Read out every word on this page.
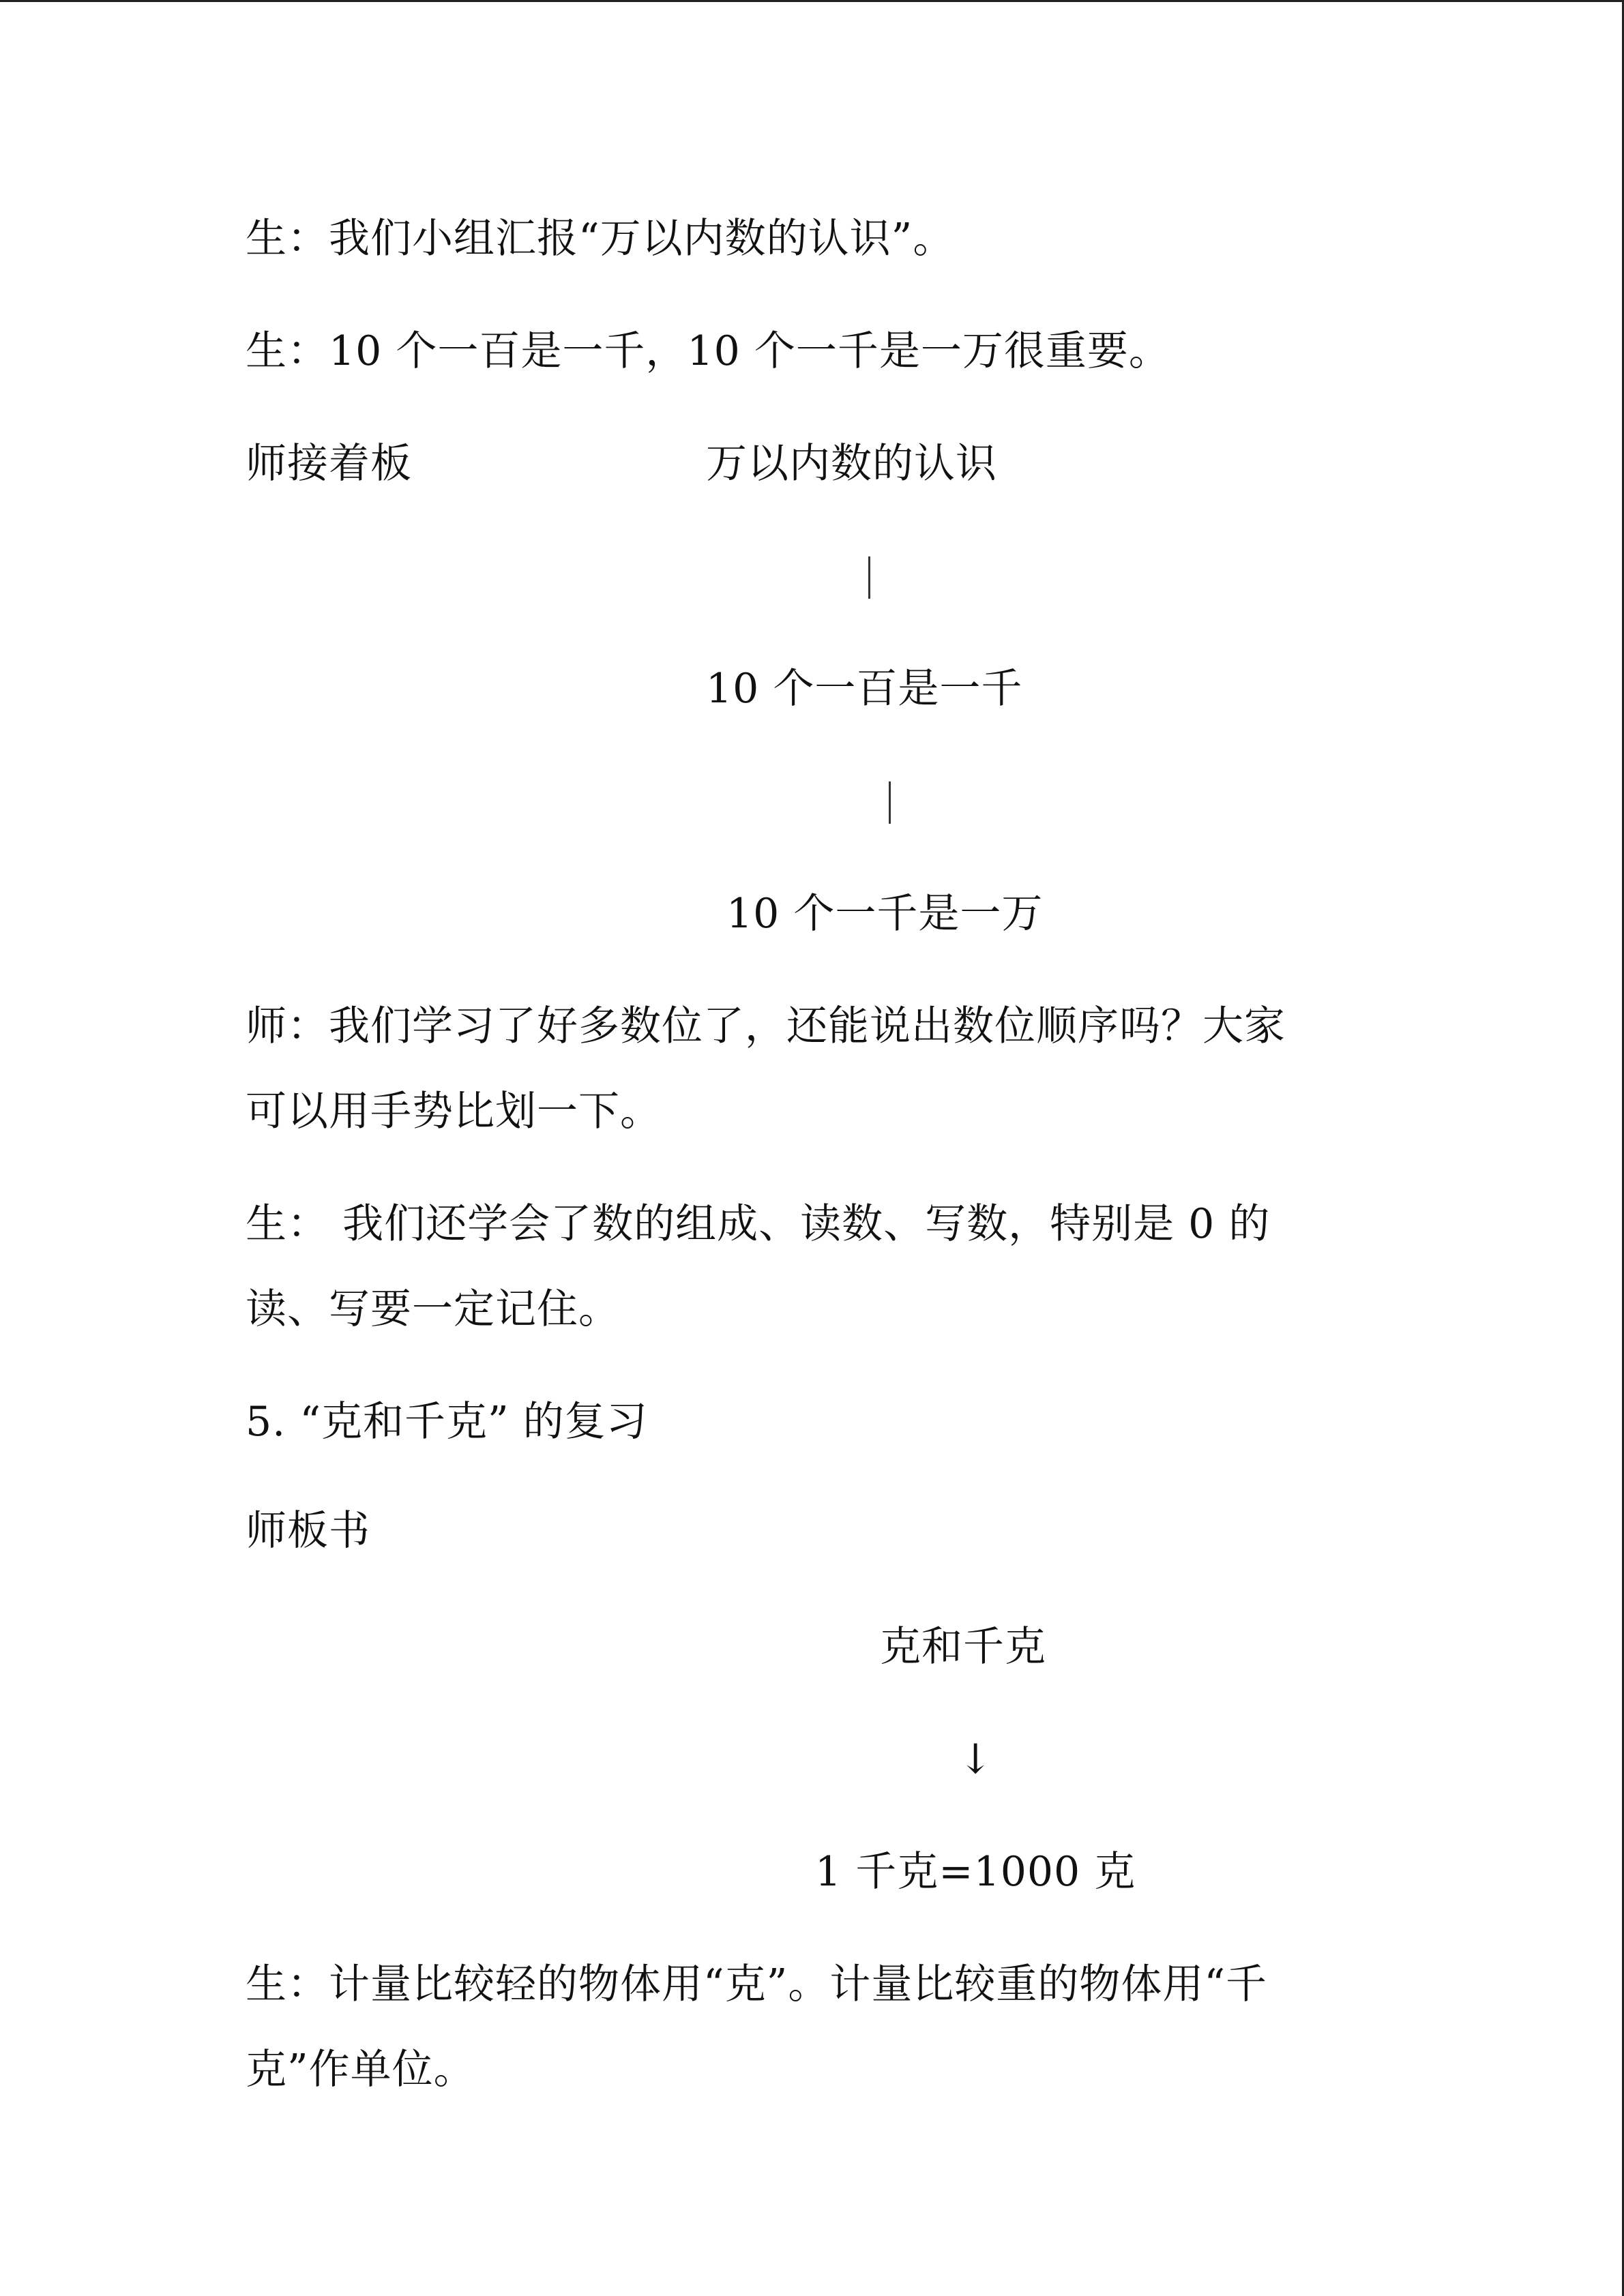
生：我们小组汇报“万以内数的认识”。
生：10 个一百是一千，10 个一千是一万很重要。
师接着板	万以内数的认识
10 个一百是一千
10 个一千是一万
师：我们学习了好多数位了，还能说出数位顺序吗？大家
可以用手势比划一下。
生： 我们还学会了数的组成、读数、写数，特别是 0 的
读、写要一定记住。
5. “克和千克” 的复习
师板书
克和千克
↓
1 千克=1000 克
生：计量比较轻的物体用“克”。计量比较重的物体用“千
克”作单位。
